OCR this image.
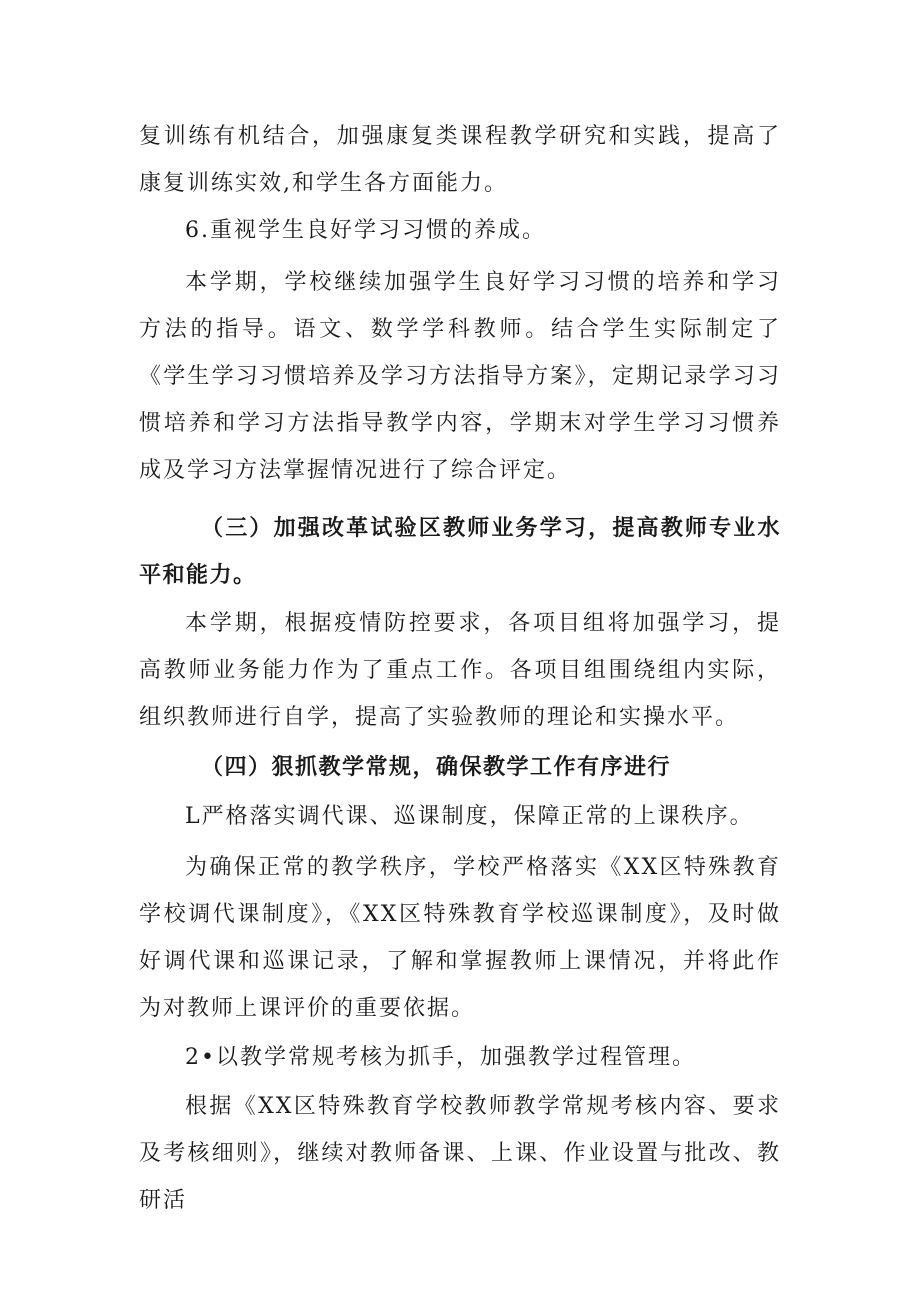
复训练有机结合，加强康复类课程教学研究和实践，提高了康复训练实效,和学生各方面能力。

6.重视学生良好学习习惯的养成。

本学期，学校继续加强学生良好学习习惯的培养和学习方法的指导。语文、数学学科教师。结合学生实际制定了《学生学习习惯培养及学习方法指导方案》，定期记录学习习惯培养和学习方法指导教学内容，学期末对学生学习习惯养成及学习方法掌握情况进行了综合评定。

（三）加强改革试验区教师业务学习，提高教师专业水平和能力。

本学期，根据疫情防控要求，各项目组将加强学习，提高教师业务能力作为了重点工作。各项目组围绕组内实际，组织教师进行自学，提高了实验教师的理论和实操水平。

（四）狠抓教学常规，确保教学工作有序进行

L严格落实调代课、巡课制度，保障正常的上课秩序。

为确保正常的教学秩序，学校严格落实《XX区特殊教育学校调代课制度》，《XX区特殊教育学校巡课制度》，及时做好调代课和巡课记录，了解和掌握教师上课情况，并将此作为对教师上课评价的重要依据。

2•以教学常规考核为抓手，加强教学过程管理。

根据《XX区特殊教育学校教师教学常规考核内容、要求及考核细则》，继续对教师备课、上课、作业设置与批改、教研活
